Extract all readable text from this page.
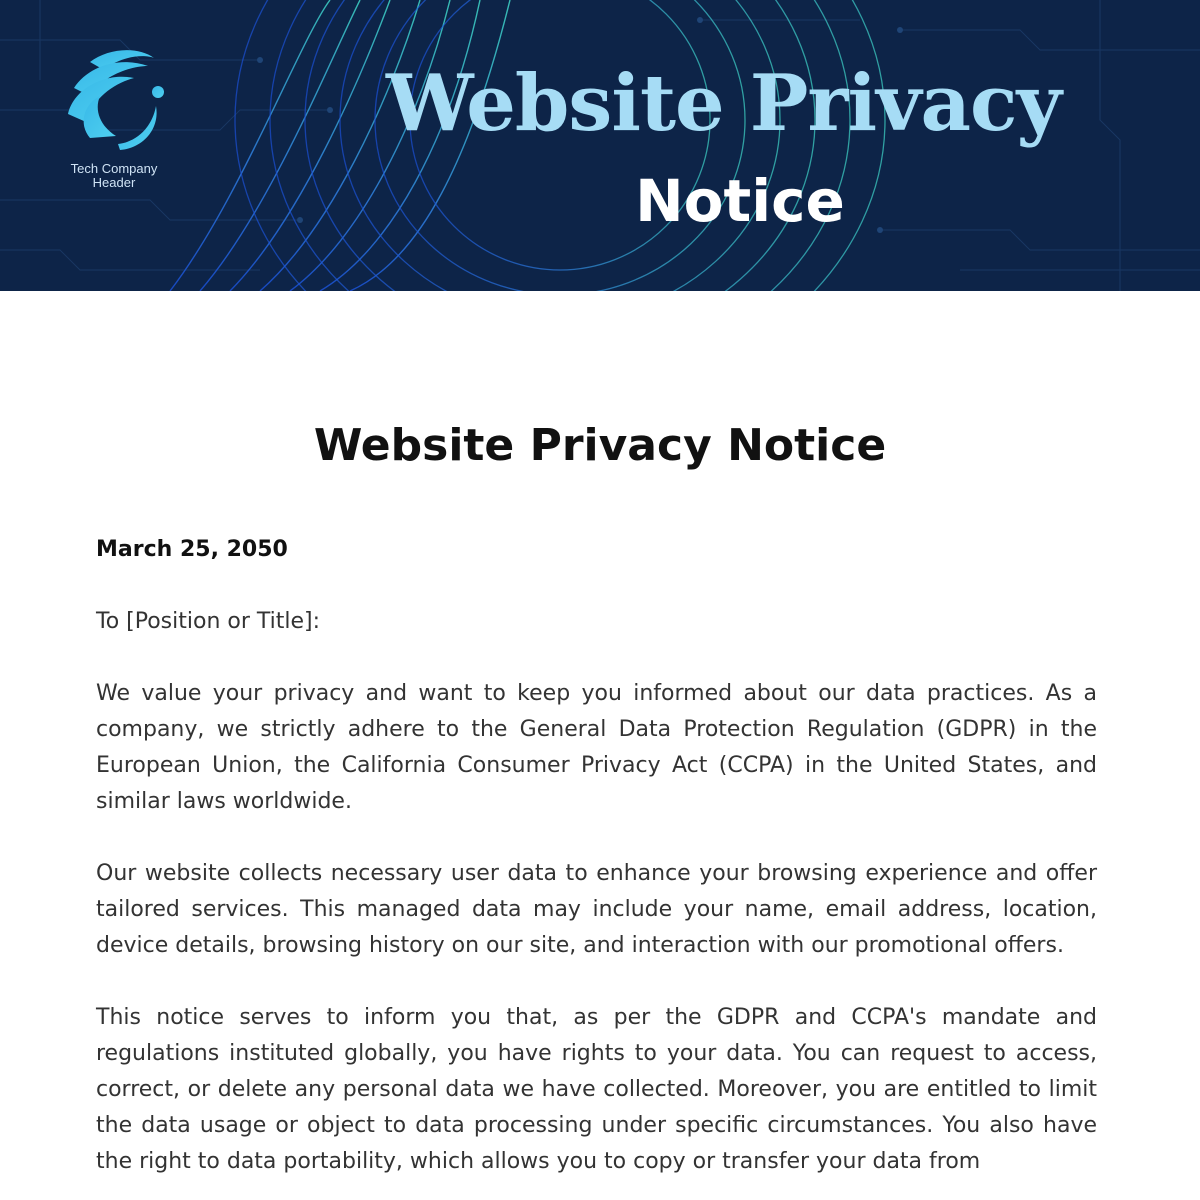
Tech Company
Header
Website Privacy
Notice
Website Privacy Notice
March 25, 2050
To [Position or Title]:
We value your privacy and want to keep you informed about our data practices. As a company, we strictly adhere to the General Data Protection Regulation (GDPR) in the European Union, the California Consumer Privacy Act (CCPA) in the United States, and similar laws worldwide.
Our website collects necessary user data to enhance your browsing experience and offer tailored services. This managed data may include your name, email address, location, device details, browsing history on our site, and interaction with our promotional offers.
This notice serves to inform you that, as per the GDPR and CCPA's mandate and regulations instituted globally, you have rights to your data. You can request to access, correct, or delete any personal data we have collected. Moreover, you are entitled to limit the data usage or object to data processing under specific circumstances. You also have the right to data portability, which allows you to copy or transfer your data from
